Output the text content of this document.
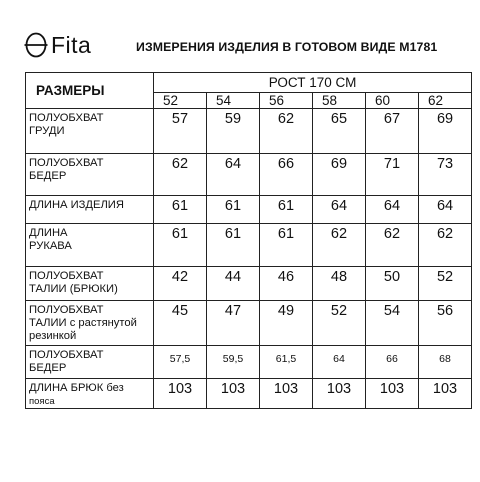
Fita	ИЗМЕРЕНИЯ ИЗДЕЛИЯ В ГОТОВОМ ВИДЕ М1781
РАЗМЕРЫ	РОСТ 170 СМ					
	52	54	56	58	60	62

ПОЛУОБХВАТ
ГРУДИ	57	59	62	65	67	69

ПОЛУОБХВАТ
БЕДЕР	62	64	66	69	71	73

ДЛИНА ИЗДЕЛИЯ	61	61	61	64	64	64

ДЛИНА
РУКАВА	61	61	61	62	62	62

ПОЛУОБХВАТ
ТАЛИИ (БРЮКИ)	42	44	46	48	50	52

ПОЛУОБХВАТ
ТАЛИИ с растянутой
резинкой	45	47	49	52	54	56

ПОЛУОБХВАТ
БЕДЕР	57,5	59,5	61,5	64	66	68

ДЛИНА БРЮК без
пояса	103	103	103	103	103	103
